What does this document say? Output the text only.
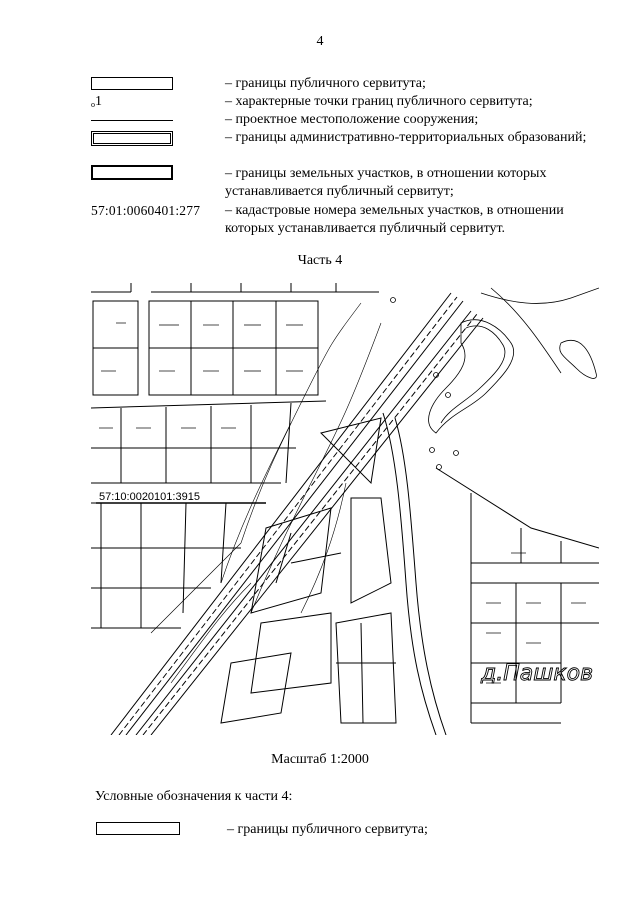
4
– границы публичного сервитута;
o1	– характерные точки границ публичного сервитута;
– проектное местоположение сооружения;
– границы административно-территориальных образований;
– границы земельных участков, в отношении которых устанавливается публичный сервитут;
57:01:0060401:277 – кадастровые номера земельных участков, в отношении которых устанавливается публичный сервитут.
Часть 4
57:10:0020101:3915
д.Пашков
Масштаб 1:2000
Условные обозначения к части 4:
– границы публичного сервитута;
